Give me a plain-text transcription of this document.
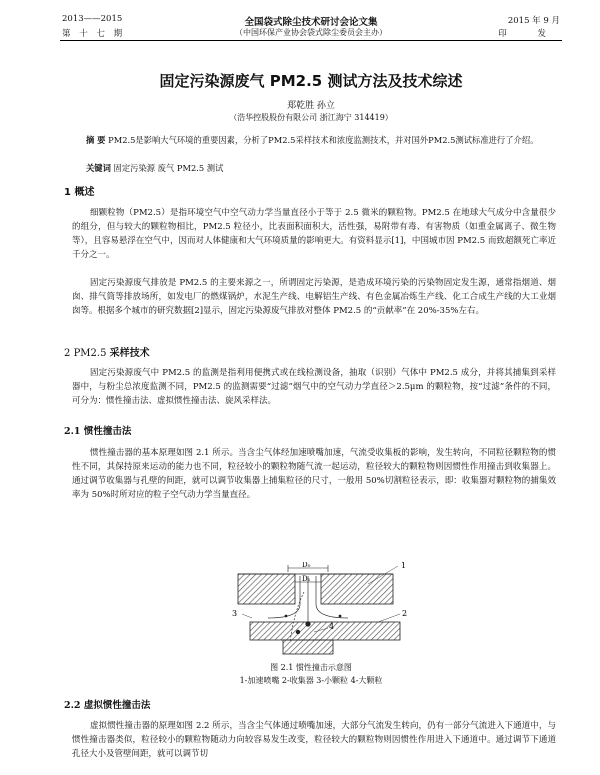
2013——2015
第 十 七 期
全国袋式除尘技术研讨会论文集
（中国环保产业协会袋式除尘委员会主办）
2015 年 9 月
印 发
固定污染源废气 PM2.5 测试方法及技术综述
郑乾胜 孙立
（浩华控股股份有限公司 浙江海宁 314419）
摘 要 PM2.5是影响大气环境的重要因素，分析了PM2.5采样技术和浓度监测技术，并对国外PM2.5测试标准进行了介绍。
关键词 固定污染源 废气 PM2.5 测试
1 概述
细颗粒物（PM2.5）是指环境空气中空气动力学当量直径小于等于 2.5 微米的颗粒物。PM2.5 在地球大气成分中含量很少的组分，但与较大的颗粒物相比，PM2.5 粒径小，比表面积面积大，活性强，易附带有毒、有害物质（如重金属离子、微生物等），且容易悬浮在空气中，因而对人体健康和大气环境质量的影响更大。有资料显示[1]，中国城市因 PM2.5 而致超额死亡率近千分之一。
固定污染源废气排放是 PM2.5 的主要来源之一，所谓固定污染源，是造成环境污染的污染物固定发生源，通常指烟道、烟囱、排气筒等排放场所，如发电厂的燃煤锅炉，水泥生产线、电解铝生产线、有色金属冶炼生产线、化工合成生产线的大工业烟囱等。根据多个城市的研究数据[2]显示，固定污染源废气排放对整体 PM2.5 的“贡献率”在 20%-35%左右。
2 PM2.5 采样技术
固定污染源废气中 PM2.5 的监测是指利用便携式或在线检测设备，抽取（识别）气体中 PM2.5 成分，并将其捕集到采样器中，与粉尘总浓度监测不同，PM2.5 的监测需要“过滤”烟气中的空气动力学直径＞2.5μm 的颗粒物，按“过滤”条件的不同，可分为：惯性撞击法、虚拟惯性撞击法、旋风采样法。
2.1 惯性撞击法
惯性撞击器的基本原理如图 2.1 所示。当含尘气体经加速喷嘴加速，气流受收集板的影响，发生转向，不同粒径颗粒物的惯性不同，其保持原来运动的能力也不同，粒径较小的颗粒物随气流一起运动，粒径较大的颗粒物则因惯性作用撞击到收集器上。通过调节收集器与孔壁的间距，就可以调节收集器上捕集粒径的尺寸，一般用 50%切割粒径表示，即：收集器对颗粒物的捕集效率为 50%时所对应的粒子空气动力学当量直径。
D₀
D₁
1
2
3
4
图 2.1 惯性撞击示意图
1-加速喷嘴 2-收集器 3-小颗粒 4-大颗粒
2.2 虚拟惯性撞击法
虚拟惯性撞击器的原理如图 2.2 所示，当含尘气体通过喷嘴加速，大部分气流发生转向，仍有一部分气流进入下通道中，与惯性撞击器类似，粒径较小的颗粒物随动力向较容易发生改变，粒径较大的颗粒物则因惯性作用进入下通道中。通过调节下通道孔径大小及管壁间距，就可以调节切
